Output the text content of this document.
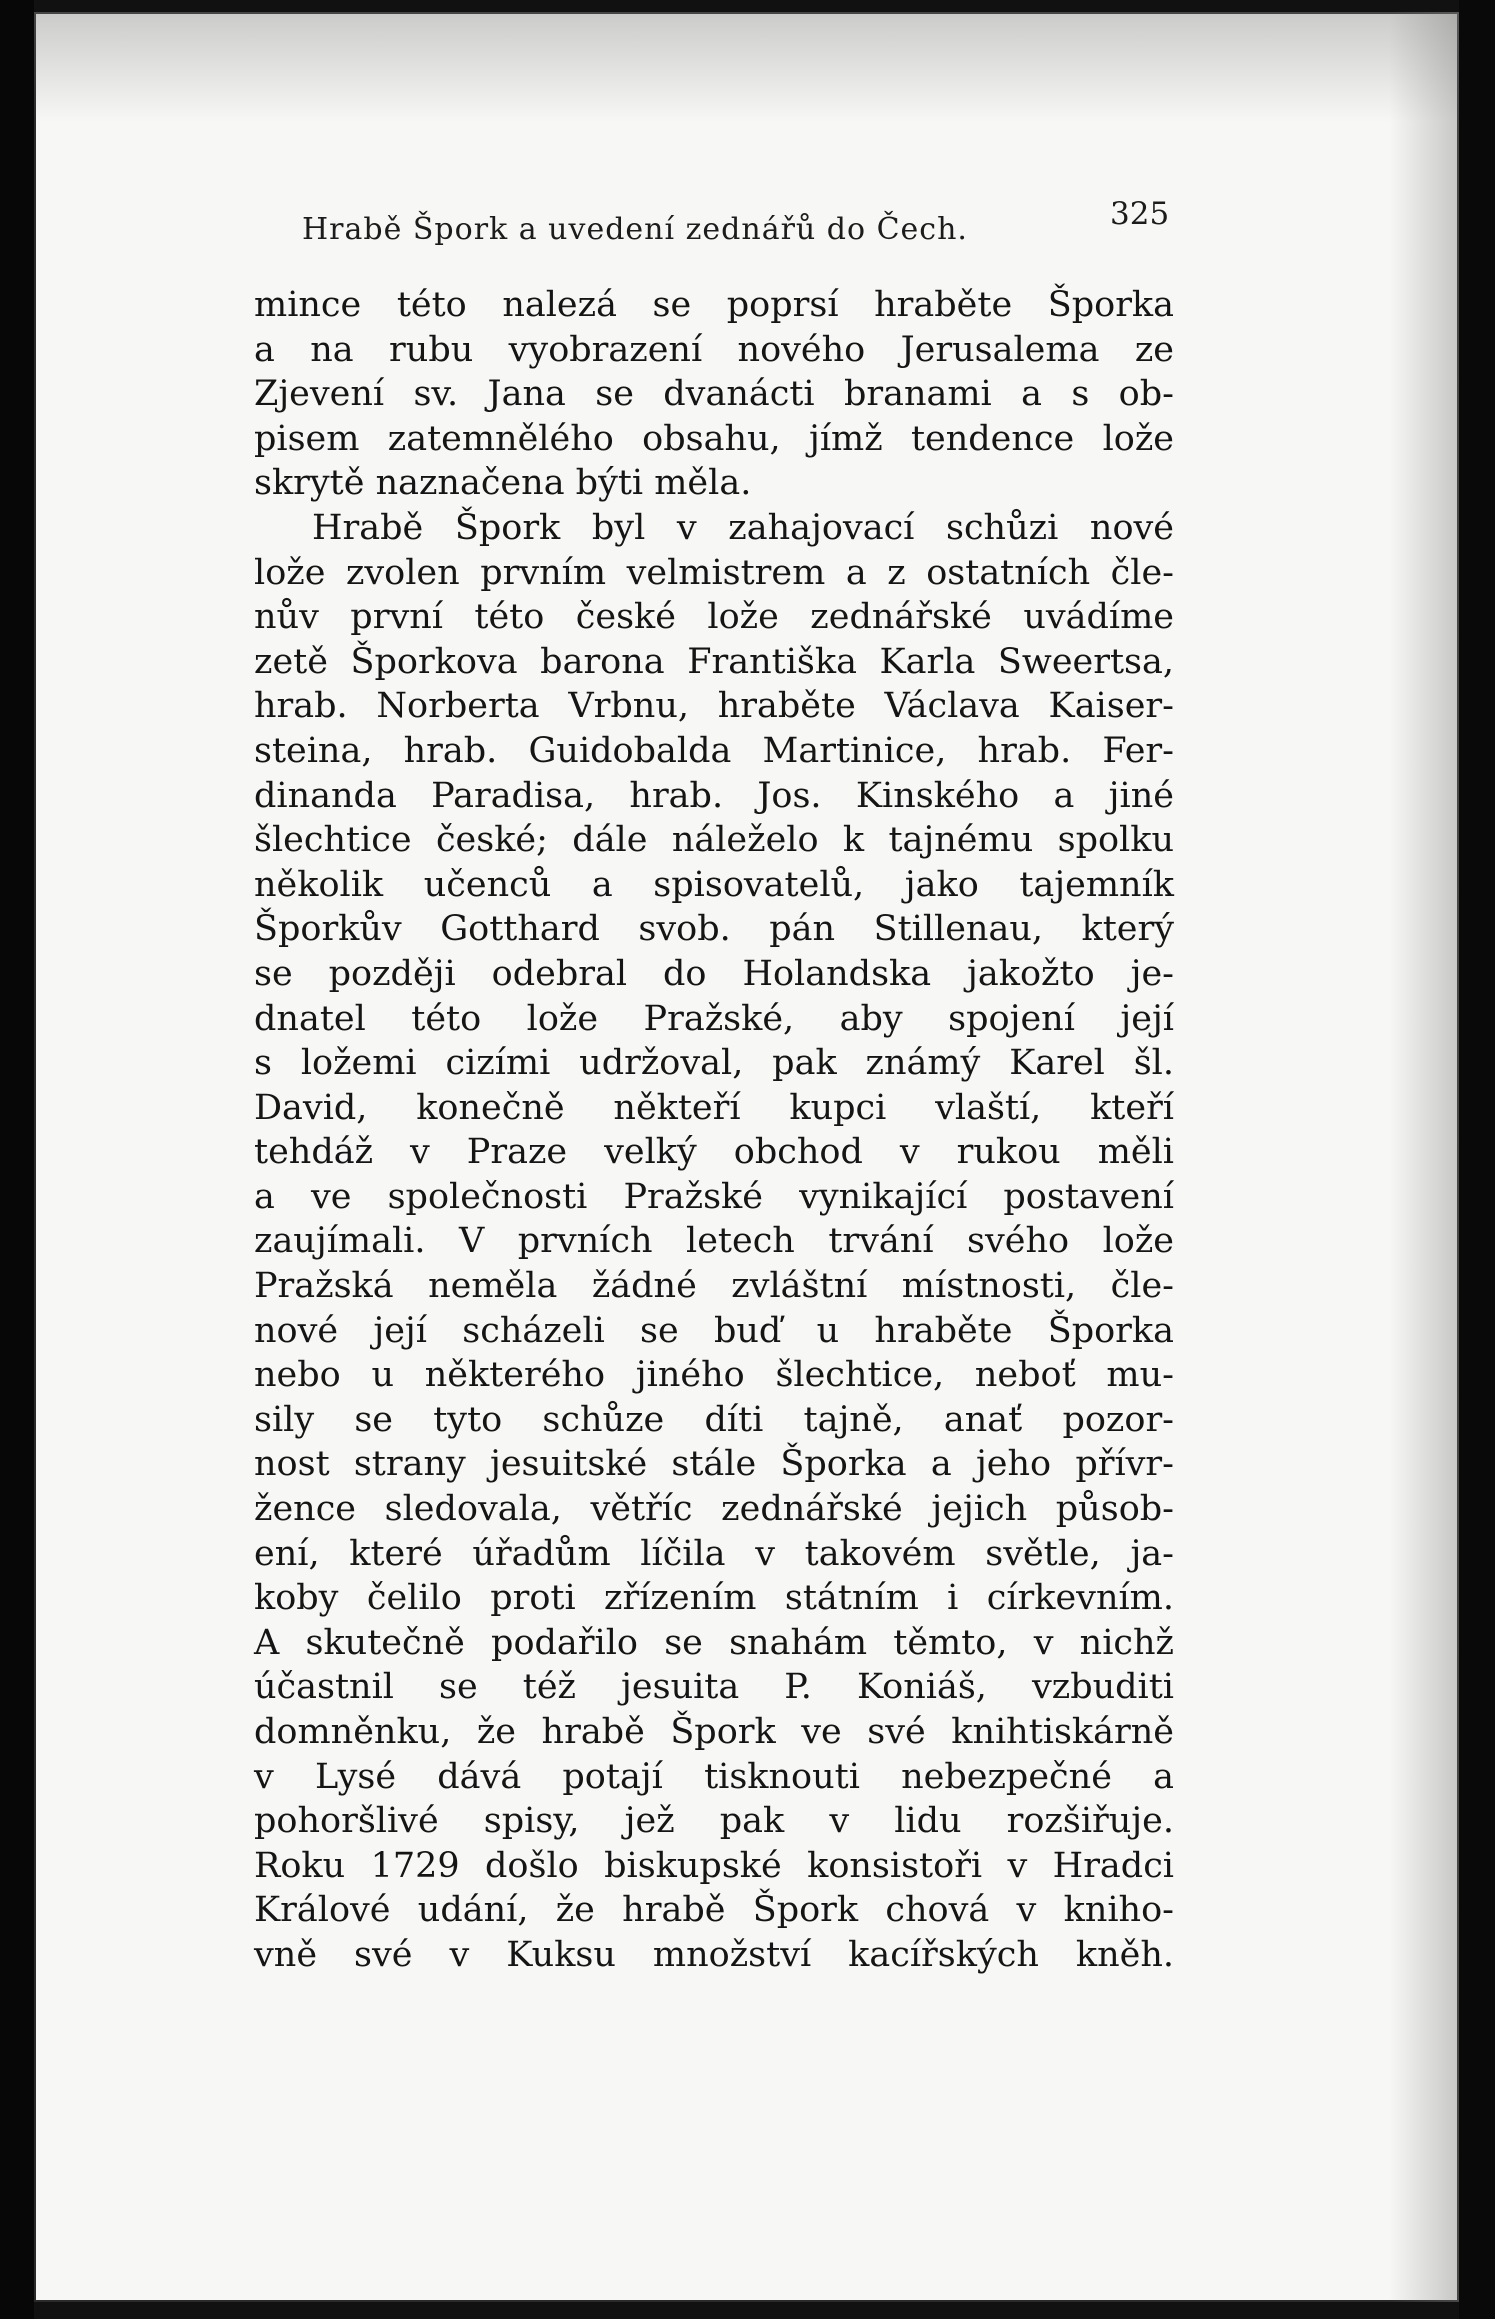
Hrabě Špork a uvedení zednářů do Čech.	325
mince této nalezá se poprsí hraběte Šporka
a na rubu vyobrazení nového Jerusalema ze
Zjevení sv. Jana se dvanácti branami a s ob-
pisem zatemnělého obsahu, jímž tendence lože
skrytě naznačena býti měla.
Hrabě Špork byl v zahajovací schůzi nové
lože zvolen prvním velmistrem a z ostatních čle-
nův první této české lože zednářské uvádíme
zetě Šporkova barona Františka Karla Sweertsa,
hrab. Norberta Vrbnu, hraběte Václava Kaiser-
steina, hrab. Guidobalda Martinice, hrab. Fer-
dinanda Paradisa, hrab. Jos. Kinského a jiné
šlechtice české; dále náleželo k tajnému spolku
několik učenců a spisovatelů, jako tajemník
Šporkův Gotthard svob. pán Stillenau, který
se později odebral do Holandska jakožto je-
dnatel této lože Pražské, aby spojení její
s ložemi cizími udržoval, pak známý Karel šl.
David, konečně někteří kupci vlaští, kteří
tehdáž v Praze velký obchod v rukou měli
a ve společnosti Pražské vynikající postavení
zaujímali. V prvních letech trvání svého lože
Pražská neměla žádné zvláštní místnosti, čle-
nové její scházeli se buď u hraběte Šporka
nebo u některého jiného šlechtice, neboť mu-
sily se tyto schůze díti tajně, anať pozor-
nost strany jesuitské stále Šporka a jeho přívr-
žence sledovala, větříc zednářské jejich působ-
ení, které úřadům líčila v takovém světle, ja-
koby čelilo proti zřízením státním i církevním.
A skutečně podařilo se snahám těmto, v nichž
účastnil se též jesuita P. Koniáš, vzbuditi
domněnku, že hrabě Špork ve své knihtiskárně
v Lysé dává potají tisknouti nebezpečné a
pohoršlivé spisy, jež pak v lidu rozšiřuje.
Roku 1729 došlo biskupské konsistoři v Hradci
Králové udání, že hrabě Špork chová v kniho-
vně své v Kuksu množství kacířských kněh.
